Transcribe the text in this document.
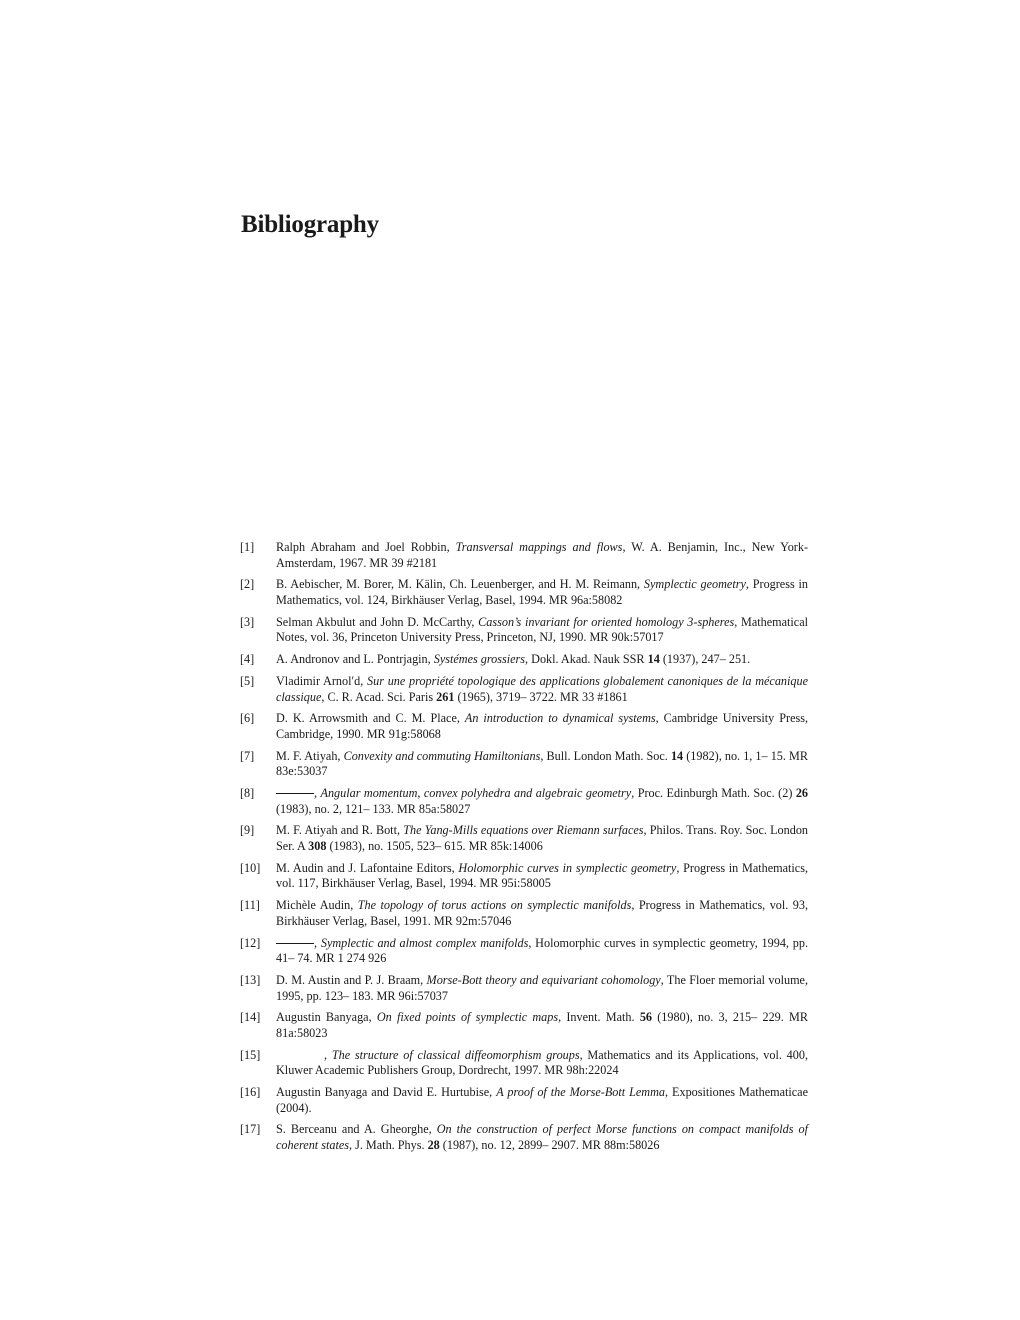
Bibliography
[1]	Ralph Abraham and Joel Robbin, Transversal mappings and flows, W. A. Benjamin, Inc., New York-Amsterdam, 1967. MR 39 #2181
[2]	B. Aebischer, M. Borer, M. Kälin, Ch. Leuenberger, and H. M. Reimann, Symplectic geometry, Progress in Mathematics, vol. 124, Birkhäuser Verlag, Basel, 1994. MR 96a:58082
[3]	Selman Akbulut and John D. McCarthy, Casson’s invariant for oriented homology 3-spheres, Mathematical Notes, vol. 36, Princeton University Press, Princeton, NJ, 1990. MR 90k:57017
[4]	A. Andronov and L. Pontrjagin, Systémes grossiers, Dokl. Akad. Nauk SSR 14 (1937), 247– 251.
[5]	Vladimir Arnol′d, Sur une propriété topologique des applications globalement canoniques de la mécanique classique, C. R. Acad. Sci. Paris 261 (1965), 3719– 3722. MR 33 #1861
[6]	D. K. Arrowsmith and C. M. Place, An introduction to dynamical systems, Cambridge University Press, Cambridge, 1990. MR 91g:58068
[7]	M. F. Atiyah, Convexity and commuting Hamiltonians, Bull. London Math. Soc. 14 (1982), no. 1, 1– 15. MR 83e:53037
[8]	, Angular momentum, convex polyhedra and algebraic geometry, Proc. Edinburgh Math. Soc. (2) 26 (1983), no. 2, 121– 133. MR 85a:58027
[9]	M. F. Atiyah and R. Bott, The Yang-Mills equations over Riemann surfaces, Philos. Trans. Roy. Soc. London Ser. A 308 (1983), no. 1505, 523– 615. MR 85k:14006
[10]	M. Audin and J. Lafontaine Editors, Holomorphic curves in symplectic geometry, Progress in Mathematics, vol. 117, Birkhäuser Verlag, Basel, 1994. MR 95i:58005
[11]	Michèle Audin, The topology of torus actions on symplectic manifolds, Progress in Mathematics, vol. 93, Birkhäuser Verlag, Basel, 1991. MR 92m:57046
[12]	, Symplectic and almost complex manifolds, Holomorphic curves in symplectic geometry, 1994, pp. 41– 74. MR 1 274 926
[13]	D. M. Austin and P. J. Braam, Morse-Bott theory and equivariant cohomology, The Floer memorial volume, 1995, pp. 123– 183. MR 96i:57037
[14]	Augustin Banyaga, On fixed points of symplectic maps, Invent. Math. 56 (1980), no. 3, 215– 229. MR 81a:58023
[15]	, The structure of classical diffeomorphism groups, Mathematics and its Applications, vol. 400, Kluwer Academic Publishers Group, Dordrecht, 1997. MR 98h:22024
[16]	Augustin Banyaga and David E. Hurtubise, A proof of the Morse-Bott Lemma, Expositiones Mathematicae (2004).
[17]	S. Berceanu and A. Gheorghe, On the construction of perfect Morse functions on compact manifolds of coherent states, J. Math. Phys. 28 (1987), no. 12, 2899– 2907. MR 88m:58026
